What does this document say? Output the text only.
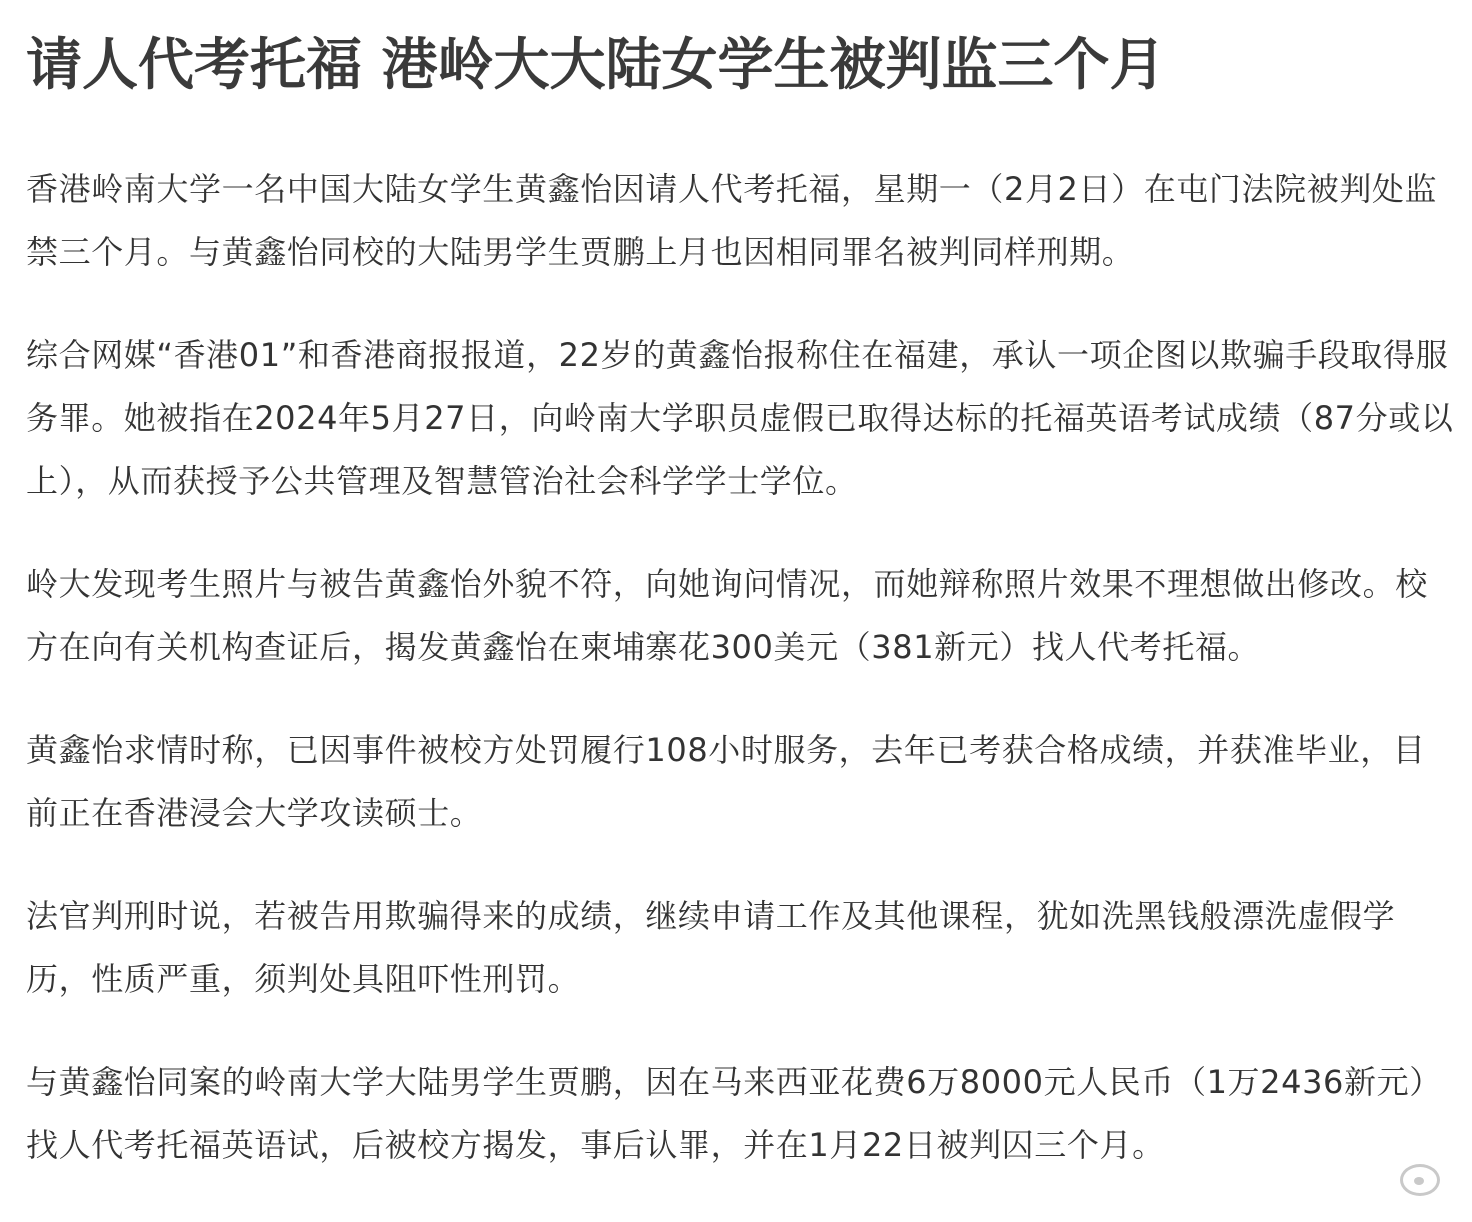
请人代考托福 港岭大大陆女学生被判监三个月

香港岭南大学一名中国大陆女学生黄鑫怡因请人代考托福，星期一（2月2日）在屯门法院被判处监禁三个月。与黄鑫怡同校的大陆男学生贾鹏上月也因相同罪名被判同样刑期。

综合网媒“香港01”和香港商报报道，22岁的黄鑫怡报称住在福建，承认一项企图以欺骗手段取得服务罪。她被指在2024年5月27日，向岭南大学职员虚假已取得达标的托福英语考试成绩（87分或以上），从而获授予公共管理及智慧管治社会科学学士学位。

岭大发现考生照片与被告黄鑫怡外貌不符，向她询问情况，而她辩称照片效果不理想做出修改。校方在向有关机构查证后，揭发黄鑫怡在柬埔寨花300美元（381新元）找人代考托福。

黄鑫怡求情时称，已因事件被校方处罚履行108小时服务，去年已考获合格成绩，并获准毕业，目前正在香港浸会大学攻读硕士。

法官判刑时说，若被告用欺骗得来的成绩，继续申请工作及其他课程，犹如洗黑钱般漂洗虚假学历，性质严重，须判处具阻吓性刑罚。

与黄鑫怡同案的岭南大学大陆男学生贾鹏，因在马来西亚花费6万8000元人民币（1万2436新元）找人代考托福英语试，后被校方揭发，事后认罪，并在1月22日被判囚三个月。
